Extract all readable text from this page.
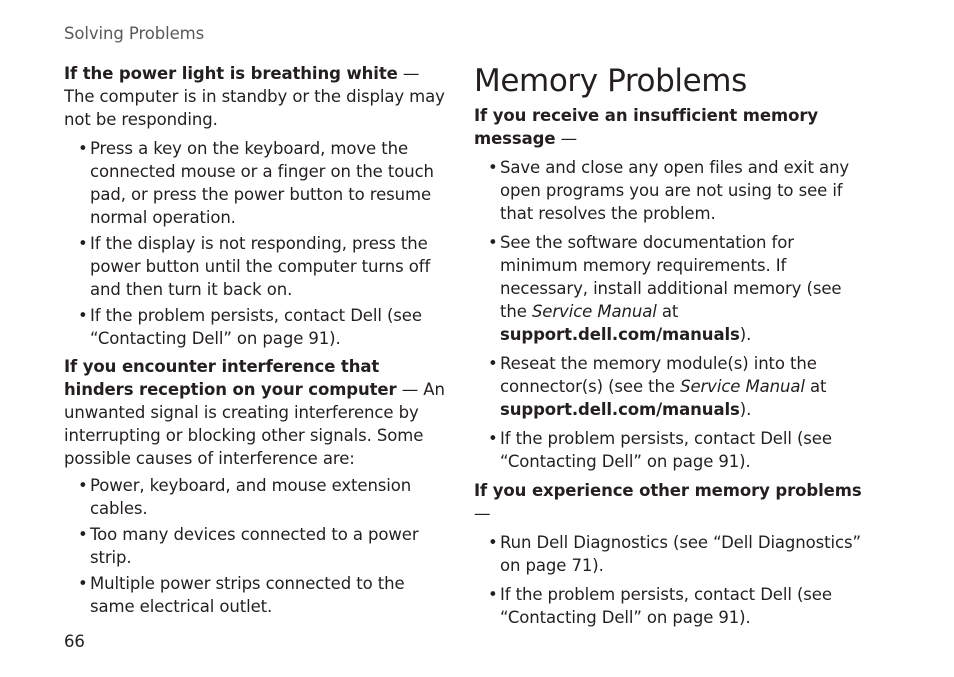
Solving Problems

If the power light is breathing white — The computer is in standby or the display may not be responding.

• Press a key on the keyboard, move the connected mouse or a finger on the touch pad, or press the power button to resume normal operation.
• If the display is not responding, press the power button until the computer turns off and then turn it back on.
• If the problem persists, contact Dell (see “Contacting Dell” on page 91).

If you encounter interference that hinders reception on your computer — An unwanted signal is creating interference by interrupting or blocking other signals. Some possible causes of interference are:

• Power, keyboard, and mouse extension cables.
• Too many devices connected to a power strip.
• Multiple power strips connected to the same electrical outlet.
Memory Problems

If you receive an insufficient memory message —

• Save and close any open files and exit any open programs you are not using to see if that resolves the problem.
• See the software documentation for minimum memory requirements. If necessary, install additional memory (see the Service Manual at support.dell.com/manuals).
• Reseat the memory module(s) into the connector(s) (see the Service Manual at support.dell.com/manuals).
• If the problem persists, contact Dell (see “Contacting Dell” on page 91).

If you experience other memory problems —

• Run Dell Diagnostics (see “Dell Diagnostics” on page 71).
• If the problem persists, contact Dell (see “Contacting Dell” on page 91).

66
